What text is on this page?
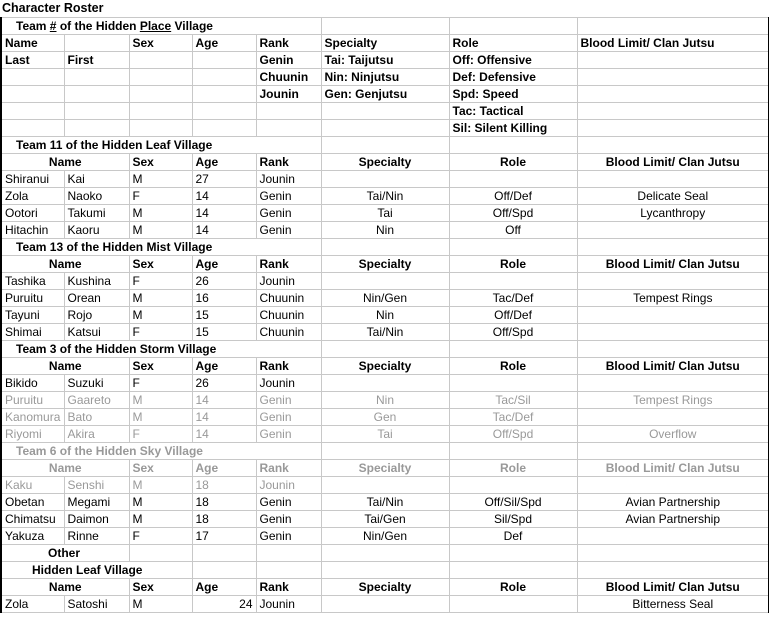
Character Roster
Team # of the Hidden Place Village							
Name		Sex	Age	Rank	Specialty	Role	Blood Limit/ Clan Jutsu
Last	First			Genin	Tai: Taijutsu	Off: Offensive	
				Chuunin	Nin: Ninjutsu	Def: Defensive	
				Jounin	Gen: Genjutsu	Spd: Speed	
						Tac: Tactical	
						Sil: Silent Killing	
Team 11 of the Hidden Leaf Village							
Name		Sex	Age	Rank	Specialty	Role	Blood Limit/ Clan Jutsu
Shiranui	Kai	M	27	Jounin			
Zola	Naoko	F	14	Genin	Tai/Nin	Off/Def	Delicate Seal
Ootori	Takumi	M	14	Genin	Tai	Off/Spd	Lycanthropy
Hitachin	Kaoru	M	14	Genin	Nin	Off	
Team 13 of the Hidden Mist Village							
Name		Sex	Age	Rank	Specialty	Role	Blood Limit/ Clan Jutsu
Tashika	Kushina	F	26	Jounin			
Puruitu	Orean	M	16	Chuunin	Nin/Gen	Tac/Def	Tempest Rings
Tayuni	Rojo	M	15	Chuunin	Nin	Off/Def	
Shimai	Katsui	F	15	Chuunin	Tai/Nin	Off/Spd	
Team 3 of the Hidden Storm Village							
Name		Sex	Age	Rank	Specialty	Role	Blood Limit/ Clan Jutsu
Bikido	Suzuki	F	26	Jounin			
Puruitu	Gaareto	M	14	Genin	Nin	Tac/Sil	Tempest Rings
Kanomura	Bato	M	14	Genin	Gen	Tac/Def	
Riyomi	Akira	F	14	Genin	Tai	Off/Spd	Overflow
Team 6 of the Hidden Sky Village							
Name		Sex	Age	Rank	Specialty	Role	Blood Limit/ Clan Jutsu
Kaku	Senshi	M	18	Jounin			
Obetan	Megami	M	18	Genin	Tai/Nin	Off/Sil/Spd	Avian Partnership
Chimatsu	Daimon	M	18	Genin	Tai/Gen	Sil/Spd	Avian Partnership
Yakuza	Rinne	F	17	Genin	Nin/Gen	Def	
Other							
Hidden Leaf Village							
Name		Sex	Age	Rank	Specialty	Role	Blood Limit/ Clan Jutsu
Zola	Satoshi	M	24	Jounin			Bitterness Seal
